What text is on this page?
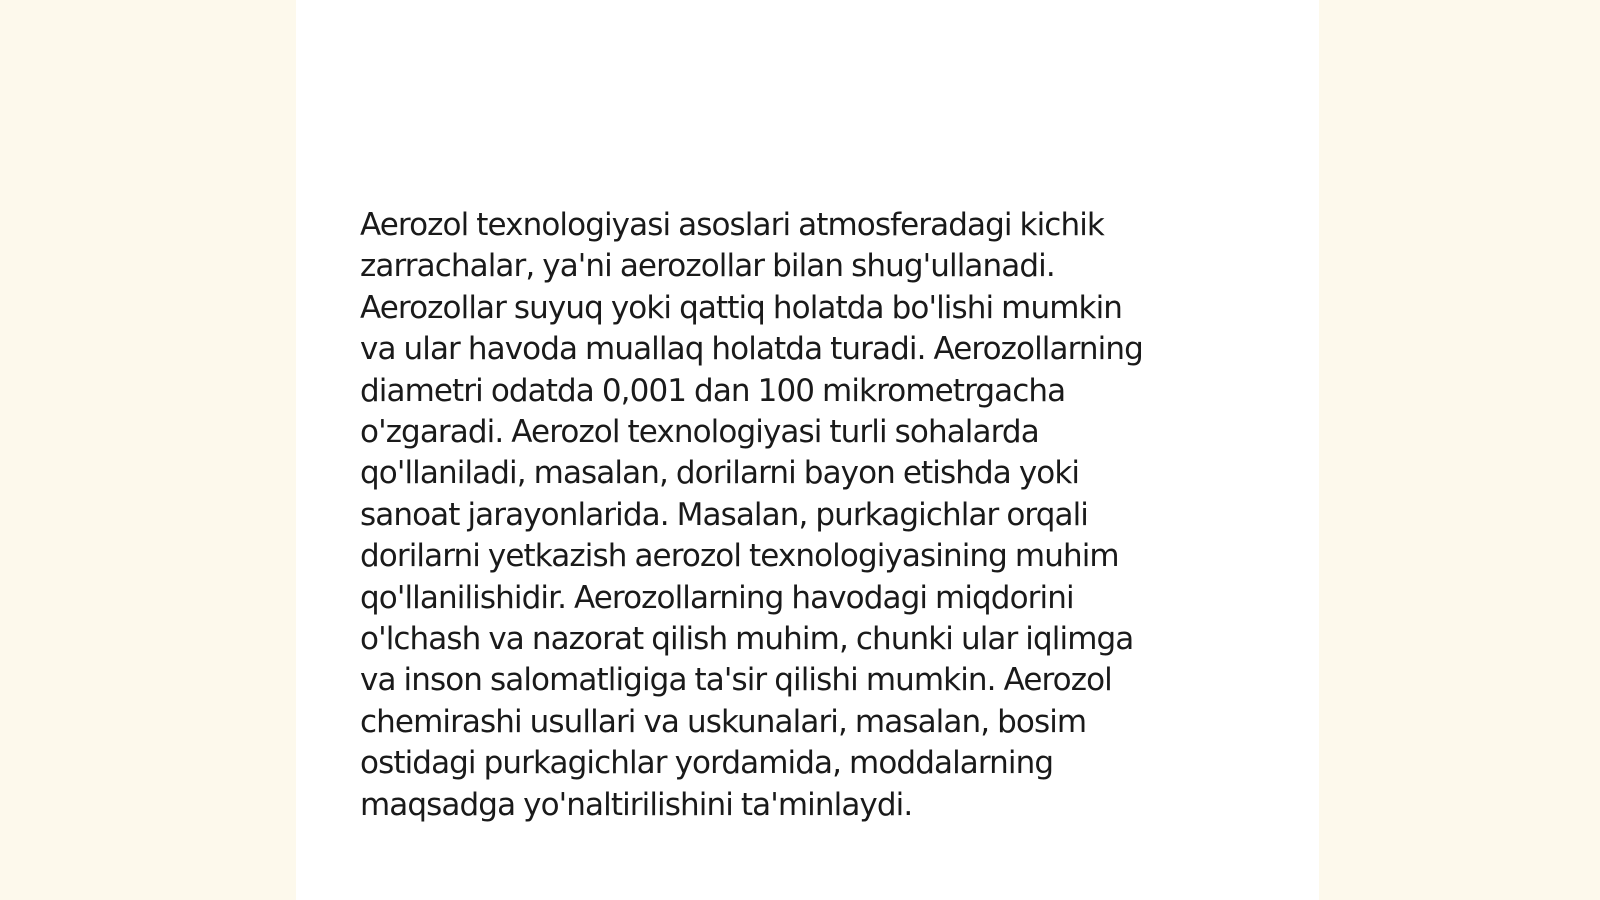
Aerozol texnologiyasi asoslari atmosferadagi kichik
zarrachalar, ya'ni aerozollar bilan shug'ullanadi.
Aerozollar suyuq yoki qattiq holatda bo'lishi mumkin
va ular havoda muallaq holatda turadi. Aerozollarning
diametri odatda 0,001 dan 100 mikrometrgacha
o'zgaradi. Aerozol texnologiyasi turli sohalarda
qo'llaniladi, masalan, dorilarni bayon etishda yoki
sanoat jarayonlarida. Masalan, purkagichlar orqali
dorilarni yetkazish aerozol texnologiyasining muhim
qo'llanilishidir. Aerozollarning havodagi miqdorini
o'lchash va nazorat qilish muhim, chunki ular iqlimga
va inson salomatligiga ta'sir qilishi mumkin. Aerozol
chemirashi usullari va uskunalari, masalan, bosim
ostidagi purkagichlar yordamida, moddalarning
maqsadga yo'naltirilishini ta'minlaydi.
